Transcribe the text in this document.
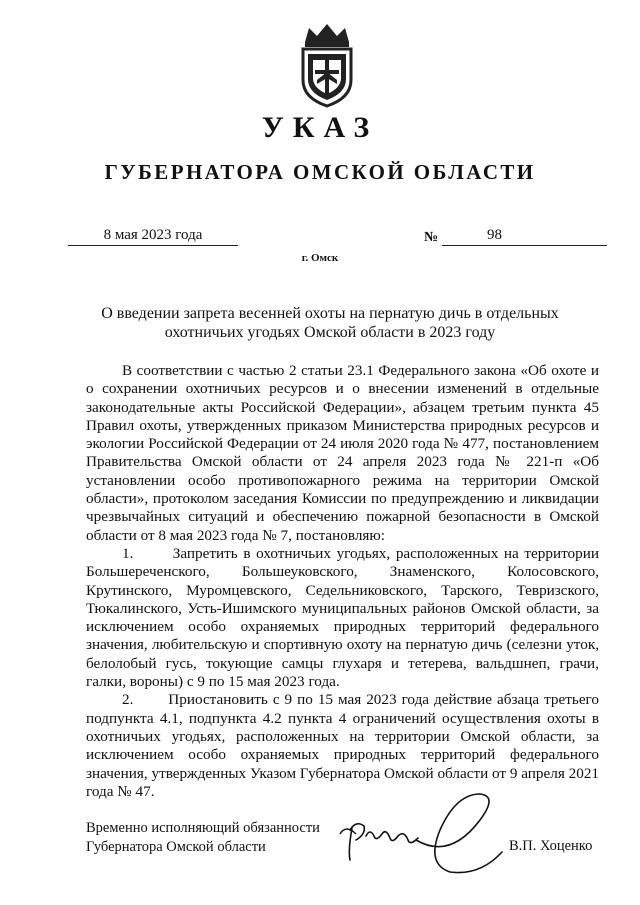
УКАЗ
ГУБЕРНАТОРА ОМСКОЙ ОБЛАСТИ
8 мая 2023 года	№	98
г. Омск
О введении запрета весенней охоты на пернатую дичь в отдельных
охотничьих угодьях Омской области в 2023 году

В соответствии с частью 2 статьи 23.1 Федерального закона «Об охоте и о сохранении охотничьих ресурсов и о внесении изменений в отдельные законодательные акты Российской Федерации», абзацем третьим пункта 45 Правил охоты, утвержденных приказом Министерства природных ресурсов и экологии Российской Федерации от 24 июля 2020 года № 477, постановлением Правительства Омской области от 24 апреля 2023 года № 221-п «Об установлении особо противопожарного режима на территории Омской области», протоколом заседания Комиссии по предупреждению и ликвидации чрезвычайных ситуаций и обеспечению пожарной безопасности в Омской области от 8 мая 2023 года № 7, постановляю:

1.       Запретить в охотничьих угодьях, расположенных на территории Большереченского, Большеуковского, Знаменского, Колосовского, Крутинского, Муромцевского, Седельниковского, Тарского, Тевризского, Тюкалинского, Усть-Ишимского муниципальных районов Омской области, за исключением особо охраняемых природных территорий федерального значения, любительскую и спортивную охоту на пернатую дичь (селезни уток, белолобый гусь, токующие самцы глухаря и тетерева, вальдшнеп, грачи, галки, вороны) с 9 по 15 мая 2023 года.

2.       Приостановить с 9 по 15 мая 2023 года действие абзаца третьего подпункта 4.1, подпункта 4.2 пункта 4 ограничений осуществления охоты в охотничьих угодьях, расположенных на территории Омской области, за исключением особо охраняемых природных территорий федерального значения, утвержденных Указом Губернатора Омской области от 9 апреля 2021 года № 47.

Временно исполняющий обязанности
Губернатора Омской области	В.П. Хоценко
